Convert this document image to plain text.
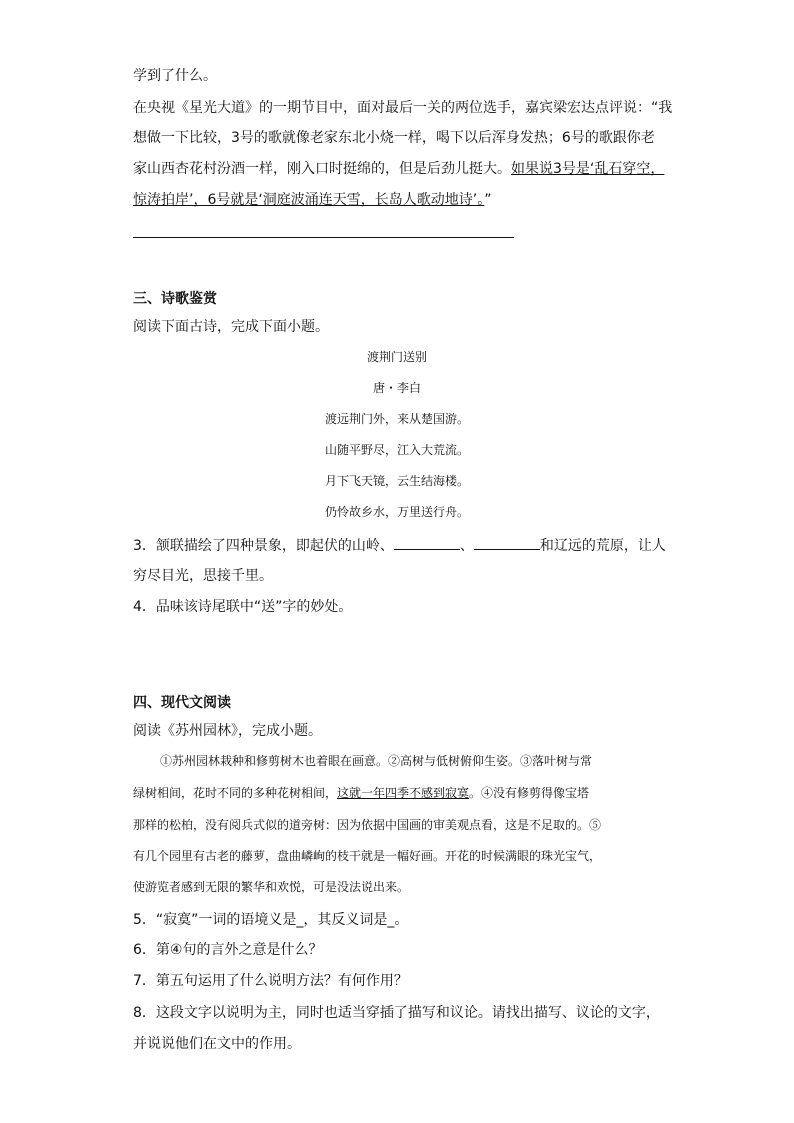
学到了什么。
在央视《星光大道》的一期节目中，面对最后一关的两位选手，嘉宾梁宏达点评说：“我
想做一下比较，3号的歌就像老家东北小烧一样，喝下以后浑身发热；6号的歌跟你老
家山西杏花村汾酒一样，刚入口时挺绵的，但是后劲儿挺大。如果说3号是‘乱石穿空，
惊涛拍岸’，6号就是‘洞庭波涌连天雪，长岛人歌动地诗’。”
三、诗歌鉴赏
阅读下面古诗，完成下面小题。
渡荆门送别
唐・李白
渡远荆门外，来从楚国游。
山随平野尽，江入大荒流。
月下飞天镜，云生结海楼。
仍怜故乡水，万里送行舟。
3．颔联描绘了四种景象，即起伏的山岭、	、	和辽远的荒原，让人
穷尽目光，思接千里。
4．品味该诗尾联中“送”字的妙处。
四、现代文阅读
阅读《苏州园林》，完成小题。
①苏州园林栽种和修剪树木也着眼在画意。②高树与低树俯仰生姿。③落叶树与常
绿树相间，花时不同的多种花树相间，这就一年四季不感到寂寞。④没有修剪得像宝塔
那样的松柏，没有阅兵式似的道旁树：因为依据中国画的审美观点看，这是不足取的。⑤
有几个园里有古老的藤萝，盘曲嶙峋的枝干就是一幅好画。开花的时候满眼的珠光宝气，
使游览者感到无限的繁华和欢悦，可是没法说出来。
5．“寂寞”一词的语境义是_，其反义词是_。
6．第④句的言外之意是什么？
7．第五句运用了什么说明方法？有何作用？
8．这段文字以说明为主，同时也适当穿插了描写和议论。请找出描写、议论的文字，
并说说他们在文中的作用。
